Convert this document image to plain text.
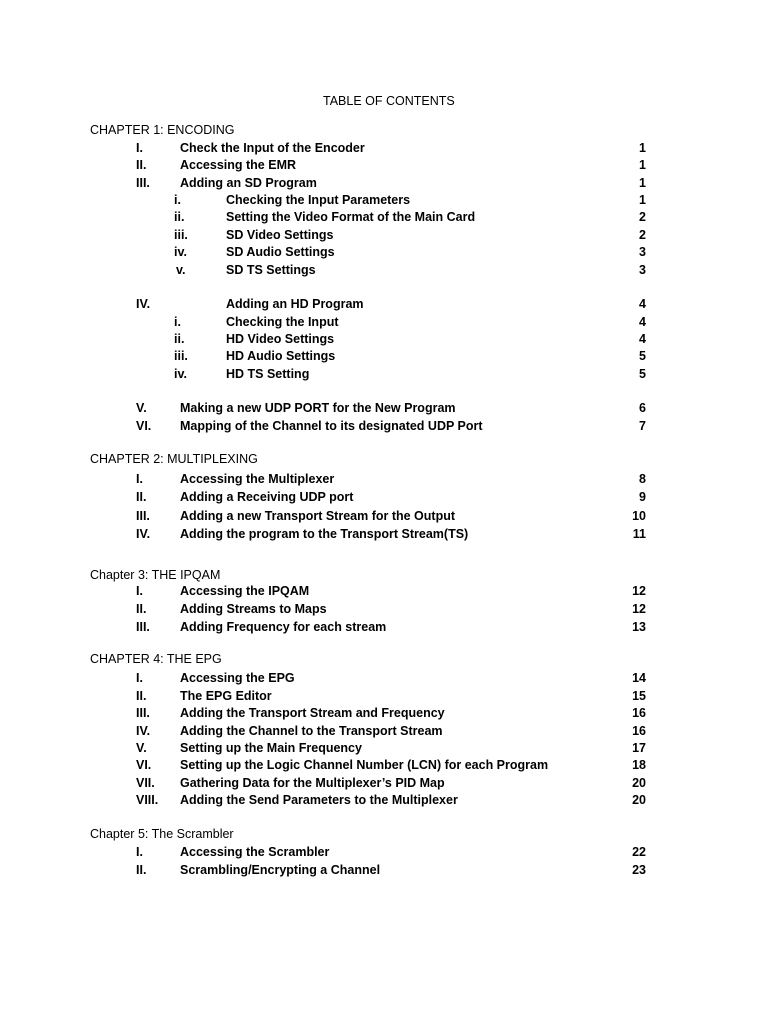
TABLE OF CONTENTS
CHAPTER 1: ENCODING
I.	Check the Input of the Encoder	1
II.	Accessing the EMR	1
III. Adding an SD Program	1
i.	Checking the Input Parameters	1
ii.	Setting the Video Format of the Main Card	2
iii.	SD Video Settings	2
iv.	SD Audio Settings	3
v.	SD TS Settings	3
IV.	Adding an HD Program	4
i.	Checking the Input	4
ii.	HD Video Settings	4
iii.	HD Audio Settings	5
iv.	HD TS Setting	5
V.	Making a new UDP PORT for the New Program	6
VI. Mapping of the Channel to its designated UDP Port	7
CHAPTER 2: MULTIPLEXING
I.	Accessing the Multiplexer	8
II.	Adding a Receiving UDP port	9
III. Adding a new Transport Stream for the Output	10
IV. Adding the program to the Transport Stream(TS)	11
Chapter 3: THE IPQAM
I.	Accessing the IPQAM	12
II.	Adding Streams to Maps	12
III. Adding Frequency for each stream	13
CHAPTER 4: THE EPG
I.	Accessing the EPG	14
II.	The EPG Editor	15
III. Adding the Transport Stream and Frequency	16
IV. Adding the Channel to the Transport Stream	16
V.	Setting up the Main Frequency	17
VI. Setting up the Logic Channel Number (LCN) for each Program	18
VII. Gathering Data for the Multiplexer’s PID Map	20
VIII. Adding the Send Parameters to the Multiplexer	20
Chapter 5: The Scrambler
I.	Accessing the Scrambler	22
II.	Scrambling/Encrypting a Channel	23
